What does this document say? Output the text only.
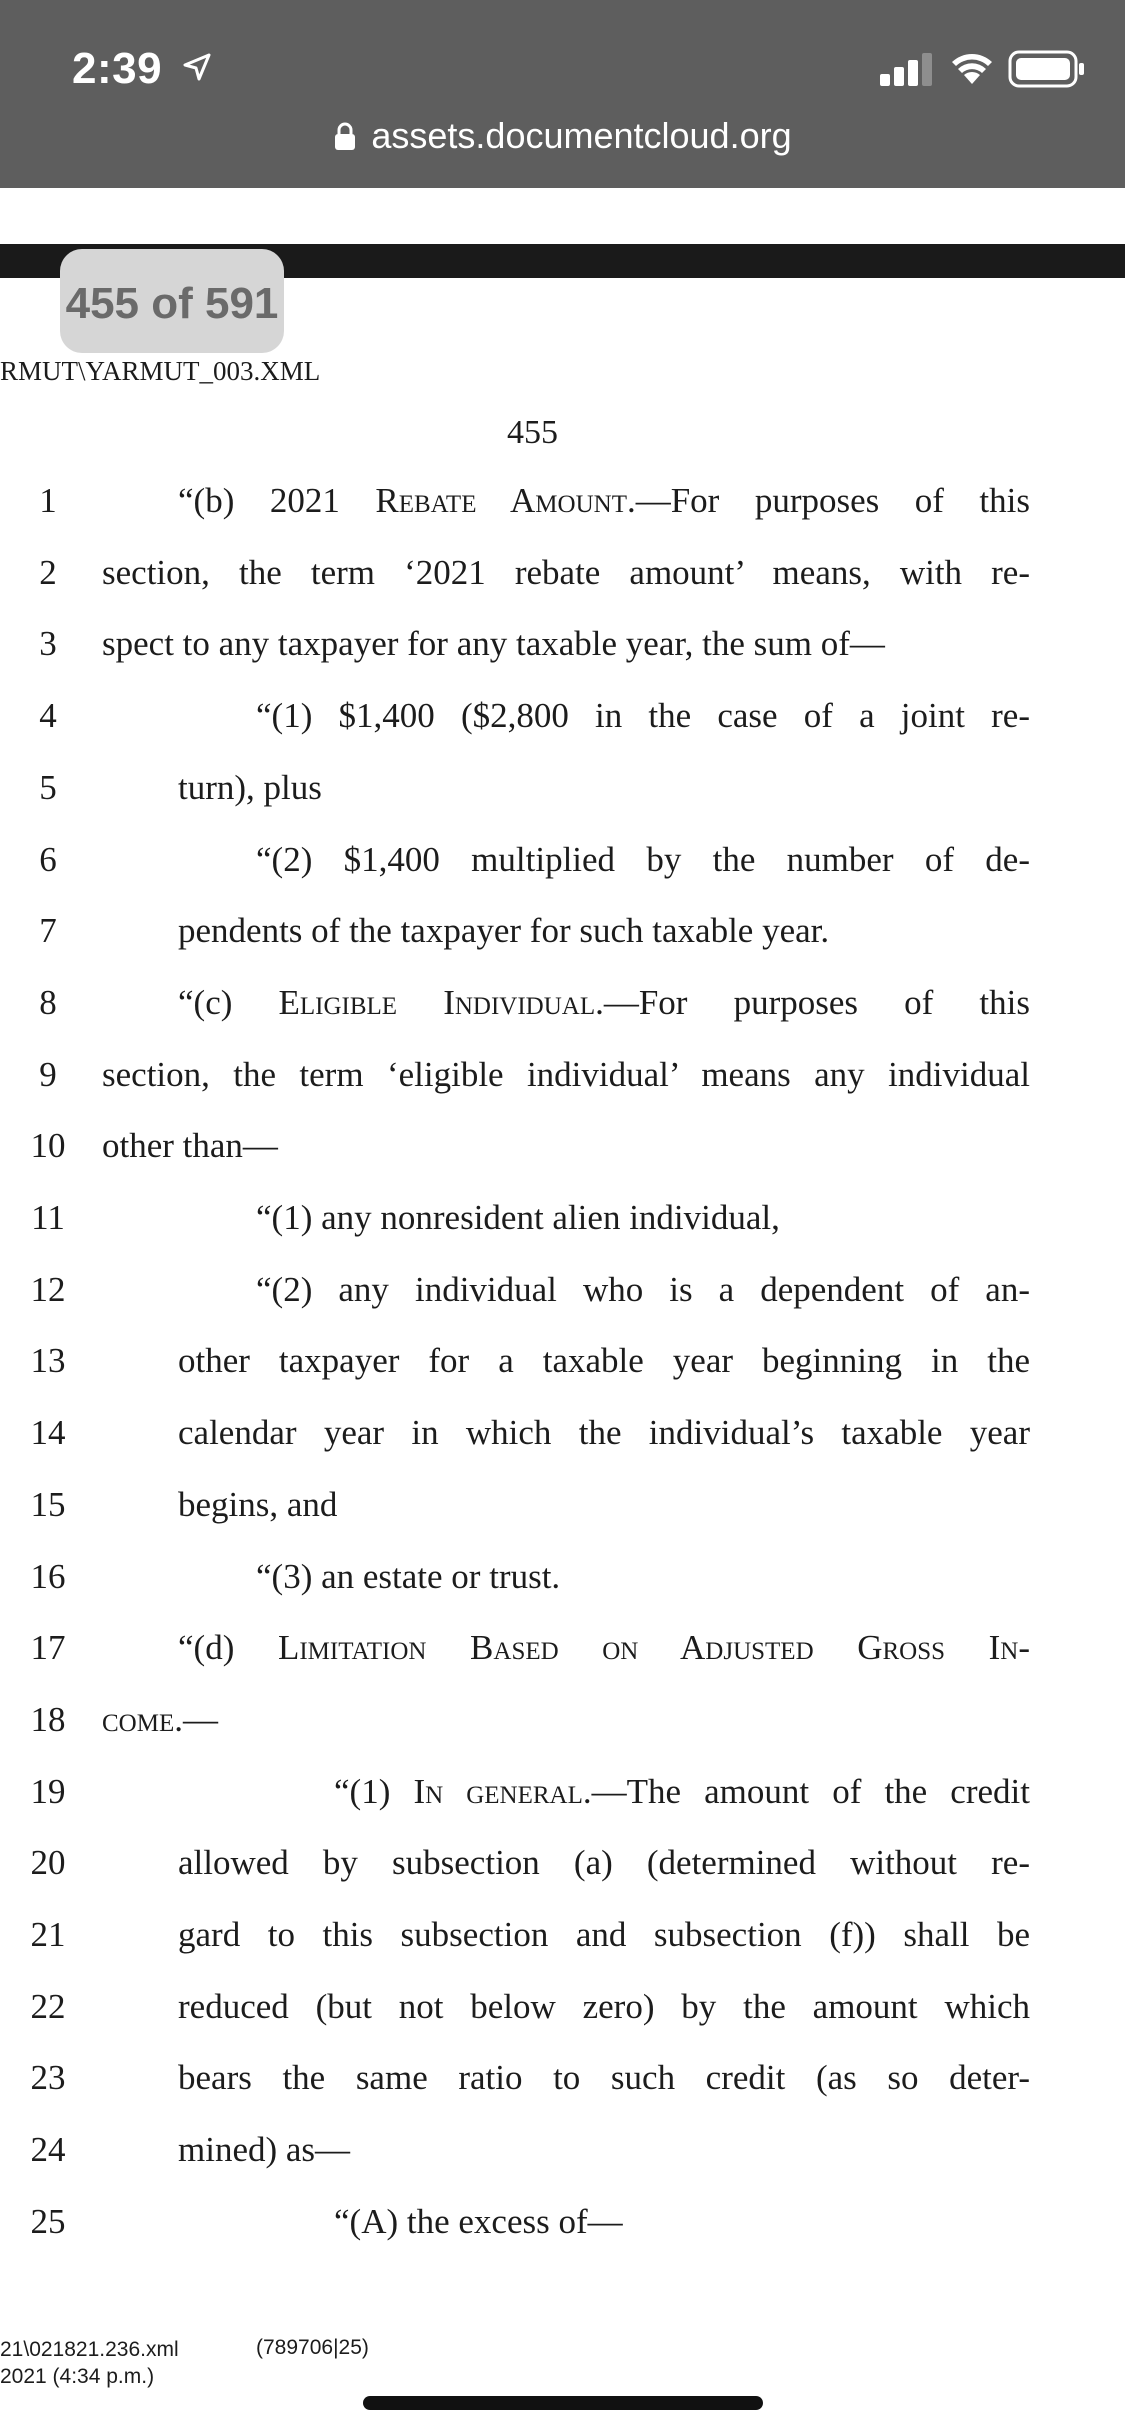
2:39
assets.documentcloud.org
455 of 591
RMUT\YARMUT_003.XML
455
1	“(b) 2021 Rebate Amount.—For purposes of this
2	section, the term ‘2021 rebate amount’ means, with re-
3	spect to any taxpayer for any taxable year, the sum of—
4	“(1) $1,400 ($2,800 in the case of a joint re-
5	turn), plus
6	“(2) $1,400 multiplied by the number of de-
7	pendents of the taxpayer for such taxable year.
8	“(c) Eligible Individual.—For purposes of this
9	section, the term ‘eligible individual’ means any individual
10	other than—
11	“(1) any nonresident alien individual,
12	“(2) any individual who is a dependent of an-
13	other taxpayer for a taxable year beginning in the
14	calendar year in which the individual’s taxable year
15	begins, and
16	“(3) an estate or trust.
17	“(d) Limitation Based on Adjusted Gross In-
18	come.—
19	“(1) In general.—The amount of the credit
20	allowed by subsection (a) (determined without re-
21	gard to this subsection and subsection (f)) shall be
22	reduced (but not below zero) by the amount which
23	bears the same ratio to such credit (as so deter-
24	mined) as—
25	“(A) the excess of—
21\021821.236.xml
2021 (4:34 p.m.)
(789706|25)
